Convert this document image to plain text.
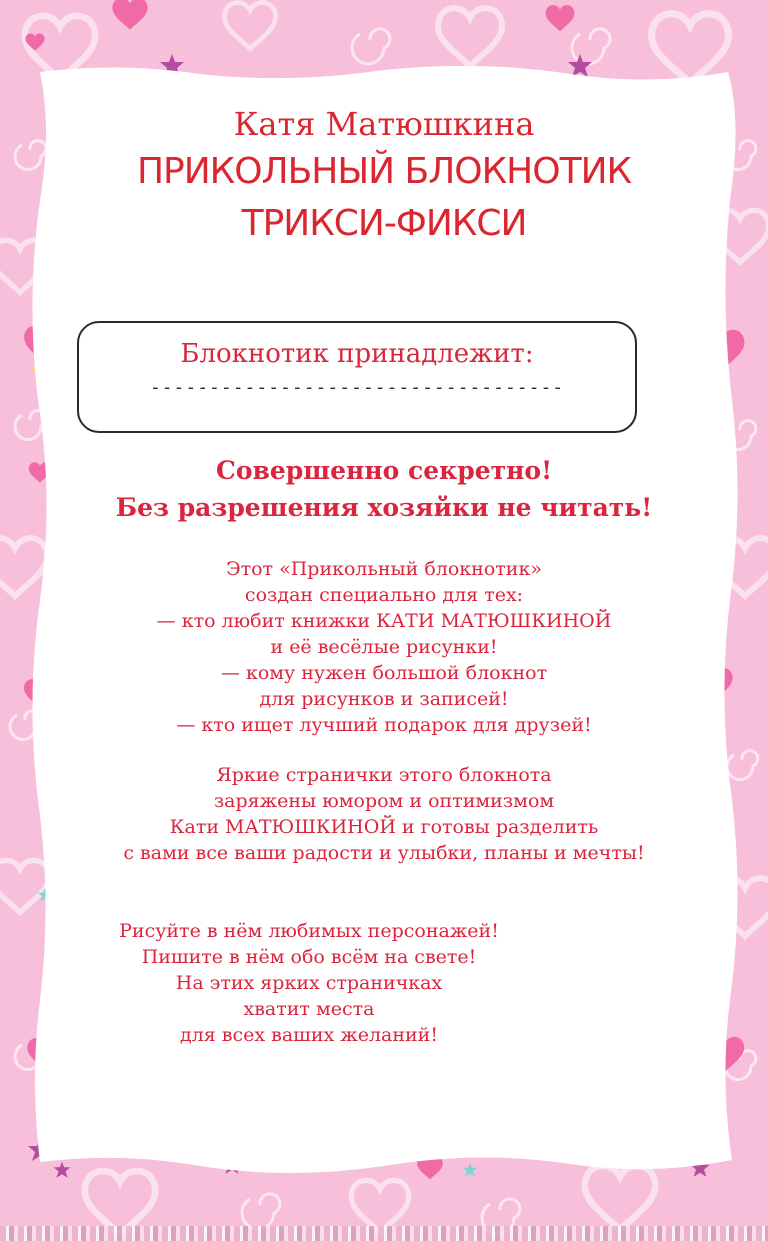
Катя Матюшкина
ПРИКОЛЬНЫЙ БЛОКНОТИК
ТРИКСИ-ФИКСИ
Блокнотик принадлежит:
-----------------------------------
Совершенно секретно!
Без разрешения хозяйки не читать!
Этот «Прикольный блокнотик»
создан специально для тех:
— кто любит книжки КАТИ МАТЮШКИНОЙ
и её весёлые рисунки!
— кому нужен большой блокнот
для рисунков и записей!
— кто ищет лучший подарок для друзей!
Яркие странички этого блокнота
заряжены юмором и оптимизмом
Кати МАТЮШКИНОЙ и готовы разделить
с вами все ваши радости и улыбки, планы и мечты!
Рисуйте в нём любимых персонажей!
Пишите в нём обо всём на свете!
На этих ярких страничках
хватит места
для всех ваших желаний!
